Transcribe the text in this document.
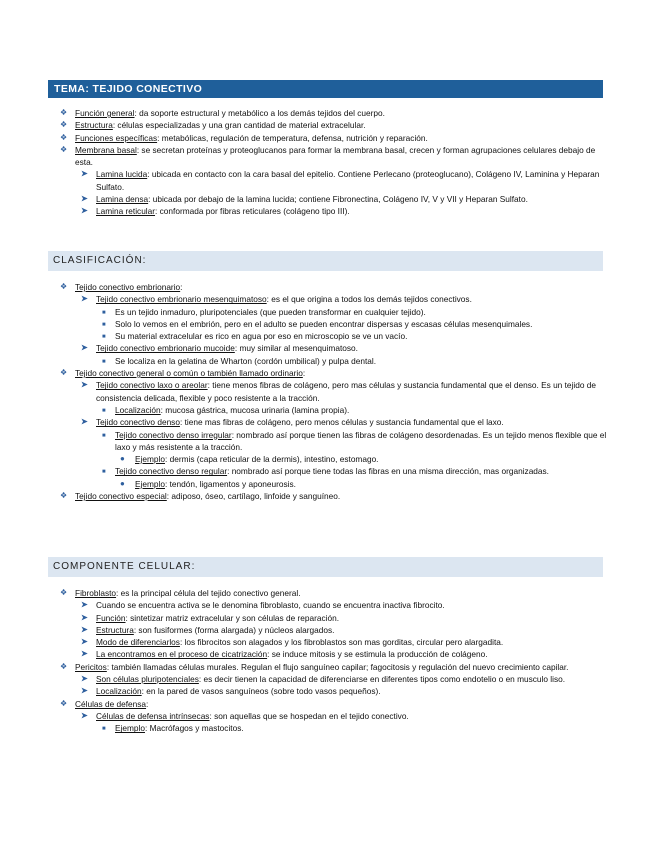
TEMA: TEJIDO CONECTIVO
❖ Función general: da soporte estructural y metabólico a los demás tejidos del cuerpo.
❖ Estructura: células especializadas y una gran cantidad de material extracelular.
❖ Funciones específicas: metabólicas, regulación de temperatura, defensa, nutrición y reparación.
❖ Membrana basal: se secretan proteínas y proteoglucanos para formar la membrana basal, crecen y forman agrupaciones celulares debajo de esta.
➤ Lamina lucida: ubicada en contacto con la cara basal del epitelio. Contiene Perlecano (proteoglucano), Colágeno IV, Laminina y Heparan Sulfato.
➤ Lamina densa: ubicada por debajo de la lamina lucida; contiene Fibronectina, Colágeno IV, V y VII y Heparan Sulfato.
➤ Lamina reticular: conformada por fibras reticulares (colágeno tipo III).
CLASIFICACIÓN:
❖ Tejido conectivo embrionario:
➤ Tejido conectivo embrionario mesenquimatoso: es el que origina a todos los demás tejidos conectivos.
■ Es un tejido inmaduro, pluripotenciales (que pueden transformar en cualquier tejido).
■ Solo lo vemos en el embrión, pero en el adulto se pueden encontrar dispersas y escasas células mesenquimales.
■ Su material extracelular es rico en agua por eso en microscopio se ve un vacío.
➤ Tejido conectivo embrionario mucoide: muy similar al mesenquimatoso.
■ Se localiza en la gelatina de Wharton (cordón umbilical) y pulpa dental.
❖ Tejido conectivo general o común o también llamado ordinario:
➤ Tejido conectivo laxo o areolar: tiene menos fibras de colágeno, pero mas células y sustancia fundamental que el denso. Es un tejido de consistencia delicada, flexible y poco resistente a la tracción.
■ Localización: mucosa gástrica, mucosa urinaria (lamina propia).
➤ Tejido conectivo denso: tiene mas fibras de colágeno, pero menos células y sustancia fundamental que el laxo.
■ Tejido conectivo denso irregular: nombrado así porque tienen las fibras de colágeno desordenadas. Es un tejido menos flexible que el laxo y más resistente a la tracción.
● Ejemplo: dermis (capa reticular de la dermis), intestino, estomago.
■ Tejido conectivo denso regular: nombrado así porque tiene todas las fibras en una misma dirección, mas organizadas.
● Ejemplo: tendón, ligamentos y aponeurosis.
❖ Tejido conectivo especial: adiposo, óseo, cartílago, linfoide y sanguíneo.
COMPONENTE CELULAR:
❖ Fibroblasto: es la principal célula del tejido conectivo general.
➤ Cuando se encuentra activa se le denomina fibroblasto, cuando se encuentra inactiva fibrocito.
➤ Función: sintetizar matriz extracelular y son células de reparación.
➤ Estructura: son fusiformes (forma alargada) y núcleos alargados.
➤ Modo de diferenciarlos: los fibrocitos son alagados y los fibroblastos son mas gorditas, circular pero alargadita.
➤ La encontramos en el proceso de cicatrización: se induce mitosis y se estimula la producción de colágeno.
❖ Pericitos: también llamadas células murales. Regulan el flujo sanguíneo capilar; fagocitosis y regulación del nuevo crecimiento capilar.
➤ Son células pluripotenciales: es decir tienen la capacidad de diferenciarse en diferentes tipos como endotelio o en musculo liso.
➤ Localización: en la pared de vasos sanguíneos (sobre todo vasos pequeños).
❖ Células de defensa:
➤ Células de defensa intrínsecas: son aquellas que se hospedan en el tejido conectivo.
■ Ejemplo: Macrófagos y mastocitos.
